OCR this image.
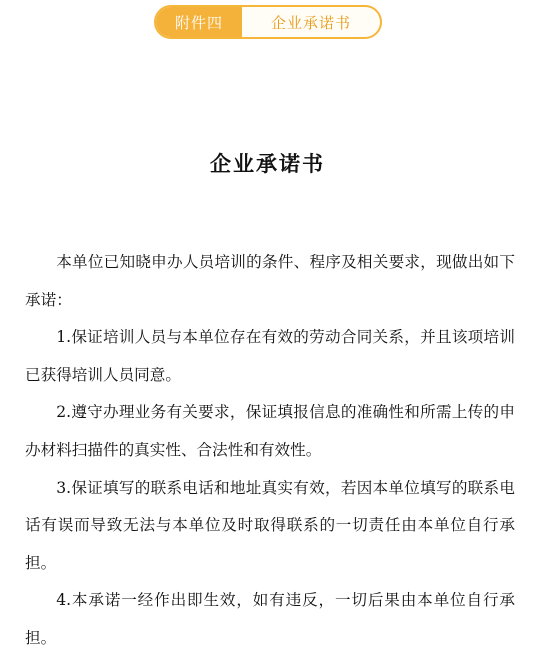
附件四	企业承诺书
企业承诺书

本单位已知晓申办人员培训的条件、程序及相关要求，现做出如下承诺：

1.保证培训人员与本单位存在有效的劳动合同关系，并且该项培训已获得培训人员同意。

2.遵守办理业务有关要求，保证填报信息的准确性和所需上传的申办材料扫描件的真实性、合法性和有效性。

3.保证填写的联系电话和地址真实有效，若因本单位填写的联系电话有误而导致无法与本单位及时取得联系的一切责任由本单位自行承担。

4.本承诺一经作出即生效，如有违反，一切后果由本单位自行承担。
